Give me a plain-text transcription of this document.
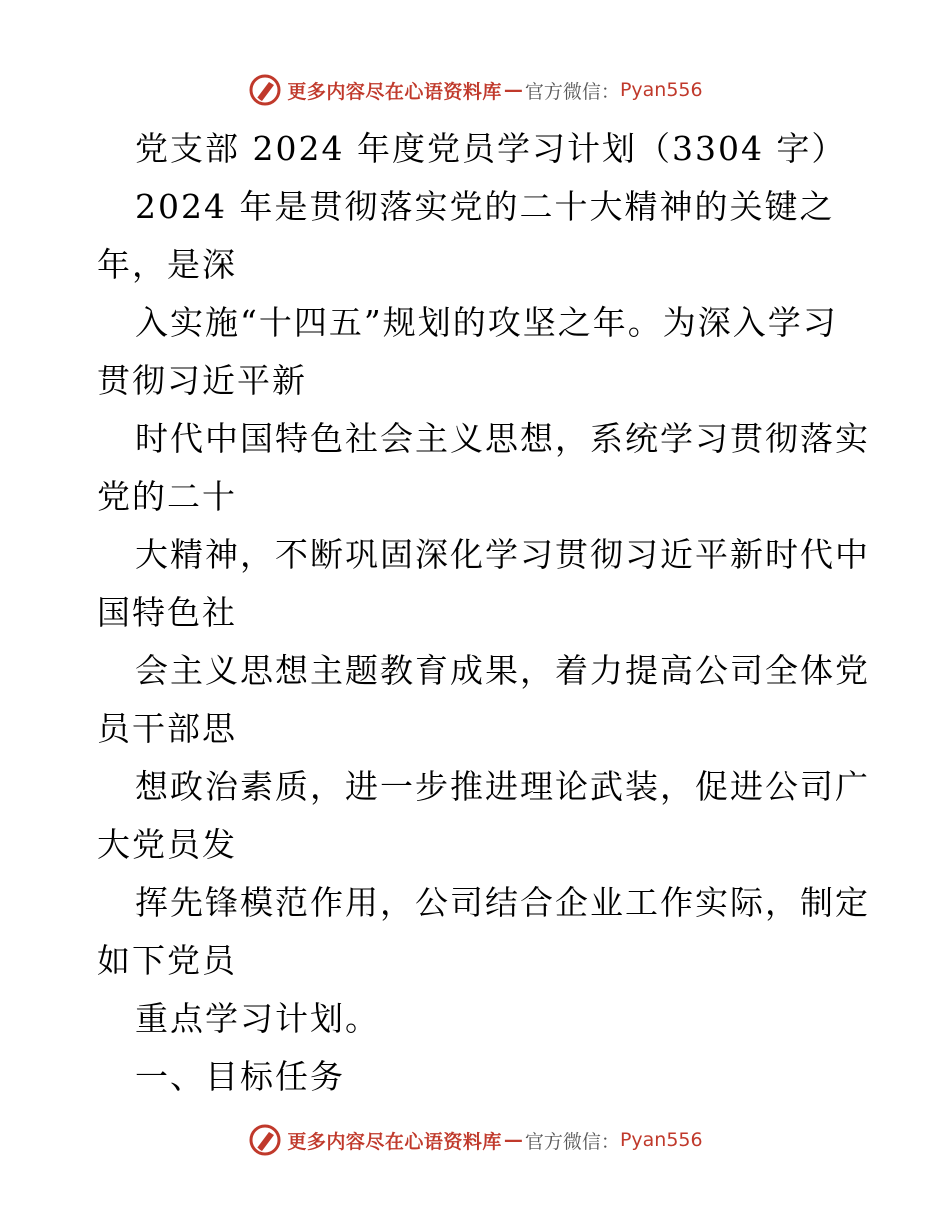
更多内容尽在心语资料库 — 官方微信： Pyan556
党支部 2024 年度党员学习计划（3304 字）
2024 年是贯彻落实党的二十大精神的关键之
年，是深
入实施“十四五”规划的攻坚之年。为深入学习
贯彻习近平新
时代中国特色社会主义思想，系统学习贯彻落实
党的二十
大精神，不断巩固深化学习贯彻习近平新时代中
国特色社
会主义思想主题教育成果，着力提高公司全体党
员干部思
想政治素质，进一步推进理论武装，促进公司广
大党员发
挥先锋模范作用，公司结合企业工作实际，制定
如下党员
重点学习计划。
一、目标任务
更多内容尽在心语资料库 — 官方微信： Pyan556
